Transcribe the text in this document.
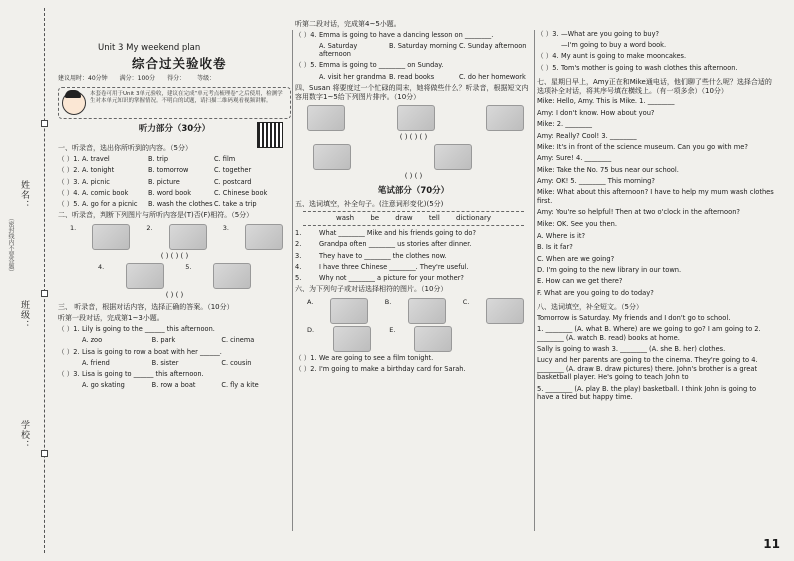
姓名：
（密封线内不要答题）
班级：
学校：
Unit 3 My weekend plan
综合过关验收卷
建议用时：40分钟 满分：100分 得分： 等级：
本套卷可用于Unit 3单元验收，建议在完成“单元考点梳理卷”之后使用，检测学生对本单元知识的掌握情况。不明白的试题，请扫描二维码观看视频讲解。
听力部分（30分）
一、听录音，选出你所听到的内容。（5分）
（ ）1. A. travel	B. trip	C. film
（ ）2. A. tonight	B. tomorrow	C. together
（ ）3. A. picnic	B. picture	C. postcard
（ ）4. A. comic book	B. word book	C. Chinese book
（ ）5. A. go for a picnic	B. wash the clothes C. take a trip
二、听录音，判断下列图片与所听内容是(T)否(F)相符。（5分）
1.	2.	3.
( ) ( ) ( )
4.	5.
( ) ( )
三、 听录音，根据对话内容，选择正确的答案。（10分）
听第一段对话，完成第1~3小题。
（ ）1. Lily is going to the ______ this afternoon.
A. zoo	B. park	C. cinema
（ ）2. Lisa is going to row a boat with her ______.
A. friend	B. sister	C. cousin
（ ）3. Lisa is going to ______ this afternoon.
A. go skating	B. row a boat	C. fly a kite
听第二段对话，完成第4~5小题。
（ ）4. Emma is going to have a dancing lesson on ________.
A. Saturday afternoon
B. Saturday morning C. Sunday afternoon
（ ）5. Emma is going to ________ on Sunday.
A. visit her grandma B. read books	C. do her homework
四、Susan 将要度过一个忙碌的周末，她将做些什么？听录音，根据短文内容用数字1~5给下列图片排序。（10分）
( ) ( ) ( )
( ) ( )
笔试部分（70分）
五、选词填空，补全句子。(注意词形变化)(5分)
wash be draw tell dictionary
1.	What ________ Mike and his friends going to do?
2.	Grandpa often ________ us stories after dinner.
3.	They have to ________ the clothes now.
4.	I have three Chinese ________. They're useful.
5.	Why not ________ a picture for your mother?
六、为下列句子或对话选择相符的图片。（10分）
A.	B.	C.
D.	E.
（ ）1. We are going to see a film tonight.
（ ）2. I'm going to make a birthday card for Sarah.
（ ）3. —What are you going to buy?
—I'm going to buy a word book.
（ ）4. My aunt is going to make mooncakes.
（ ）5. Tom's mother is going to wash clothes this afternoon.
七、星期日早上，Amy正在和Mike通电话，他们聊了些什么呢？选择合适的选项补全对话，将其序号填在横线上。（有一项多余）（10分）
Mike: Hello, Amy. This is Mike. 1. ________
Amy: I don't know. How about you?
Mike: 2. ________
Amy: Really? Cool! 3. ________
Mike: It's in front of the science museum. Can you go with me?
Amy: Sure! 4. ________
Mike: Take the No. 75 bus near our school.
Amy: OK! 5. ________ This morning?
Mike: What about this afternoon? I have to help my mum wash clothes first.
Amy: You're so helpful! Then at two o'clock in the afternoon?
Mike: OK. See you then.
A. Where is it?
B. Is it far?
C. When are we going?
D. I'm going to the new library in our town.
E. How can we get there?
F. What are you going to do today?
八、选词填空，补全短文。（5分）
Tomorrow is Saturday. My friends and I don't go to school.
1. ________ (A. what B. Where) are we going to go? I am going to 2. ________ (A. watch B. read) books at home.
Sally is going to wash 3. ________ (A. she B. her) clothes.
Lucy and her parents are going to the cinema. They're going to 4. ________ (A. draw B. draw pictures) there. John's brother is a great basketball player. He's going to teach John to
5. ________ (A. play B. the play) basketball. I think John is going to have a tired but happy time.
11
